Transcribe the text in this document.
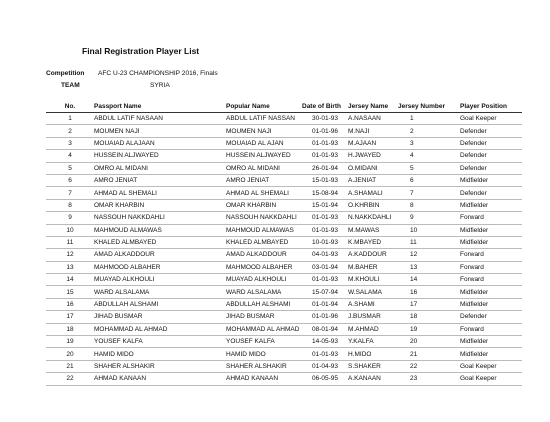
Final Registration Player List
Competition AFC U-23 CHAMPIONSHIP 2016, Finals
TEAM	SYRIA
No.	Passport Name	Popular Name	Date of Birth	Jersey Name	Jersey Number	Player Position
1	ABDUL LATIF NASAAN	ABDUL LATIF NASSAN	30-01-93	A.NASAAN	1	Goal Keeper
2	MOUMEN NAJI	MOUMEN NAJI	01-01-96	M.NAJI	2	Defender
3	MOUAIAD ALAJAAN	MOUAIAD AL AJAN	01-01-93	M.AJAAN	3	Defender
4	HUSSEIN ALJWAYED	HUSSEIN ALJWAYED	01-01-93	H.JWAYED	4	Defender
5	OMRO AL MIDANI	OMRO AL MIDANI	26-01-94	O.MIDANI	5	Defender
6	AMRO JENIAT	AMRO JENIAT	15-01-93	A.JENIAT	6	Midfielder
7	AHMAD AL SHEMALI	AHMAD AL SHEMALI	15-08-94	A.SHAMALI	7	Defender
8	OMAR KHARBIN	OMAR KHARBIN	15-01-94	O.KHRBIN	8	Midfielder
9	NASSOUH NAKKDAHLI	NASSOUH NAKKDAHLI	01-01-93	N.NAKKDAHLI	9	Forward
10	MAHMOUD ALMAWAS	MAHMOUD ALMAWAS	01-01-93	M.MAWAS	10	Midfielder
11	KHALED ALMBAYED	KHALED ALMBAYED	10-01-93	K.MBAYED	11	Midfielder
12	AMAD ALKADDOUR	AMAD ALKADDOUR	04-01-93	A.KADDOUR	12	Forward
13	MAHMOOD ALBAHER	MAHMOOD ALBAHER	03-01-94	M.BAHER	13	Forward
14	MUAYAD ALKHOULI	MUAYAD ALKHOULI	01-01-93	M.KHOULI	14	Forward
15	WARD ALSALAMA	WARD ALSALAMA	15-07-94	W.SALAMA	16	Midfielder
16	ABDULLAH ALSHAMI	ABDULLAH ALSHAMI	01-01-94	A.SHAMI	17	Midfielder
17	JIHAD BUSMAR	JIHAD BUSMAR	01-01-96	J.BUSMAR	18	Defender
18	MOHAMMAD AL AHMAD	MOHAMMAD AL AHMAD	08-01-94	M.AHMAD	19	Forward
19	YOUSEF KALFA	YOUSEF KALFA	14-05-93	Y.KALFA	20	Midfielder
20	HAMID MIDO	HAMID MIDO	01-01-93	H.MIDO	21	Midfielder
21	SHAHER ALSHAKIR	SHAHER ALSHAKIR	01-04-93	S.SHAKER	22	Goal Keeper
22	AHMAD KANAAN	AHMAD KANAAN	06-05-95	A.KANAAN	23	Goal Keeper
